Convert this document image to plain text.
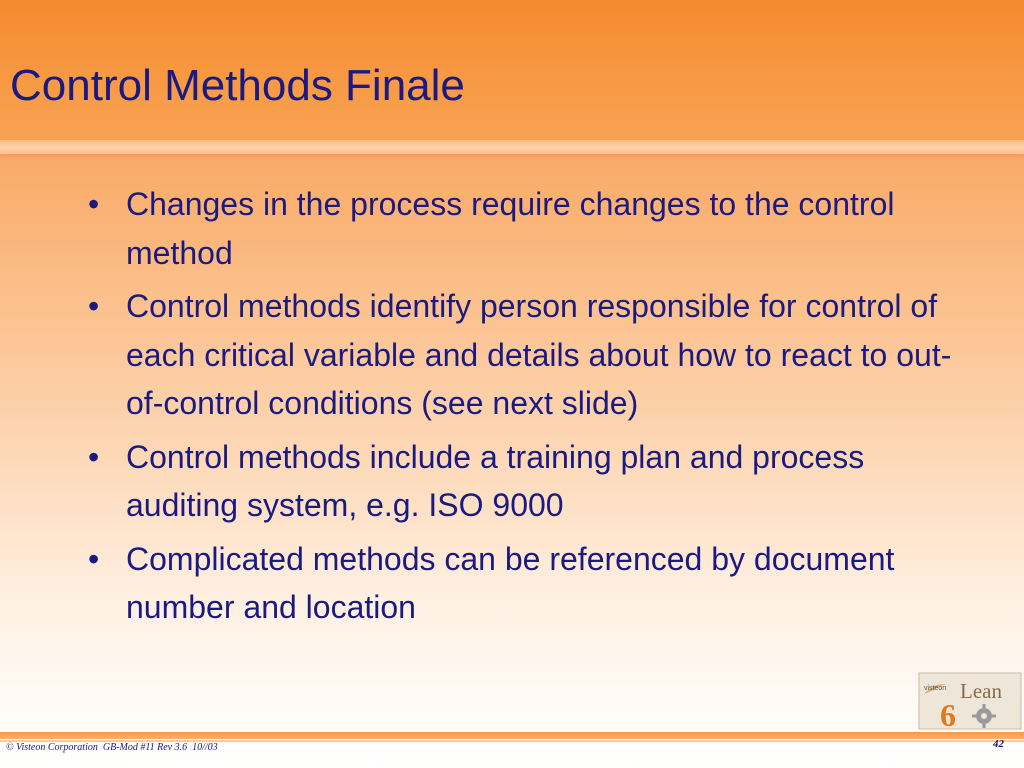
Control Methods Finale
• Changes in the process require changes to the control method
• Control methods identify person responsible for control of each critical variable and details about how to react to out-of-control conditions (see next slide)
• Control methods include a training plan and process auditing system, e.g. ISO 9000
• Complicated methods can be referenced by document number and location
visteon Lean
6
© Visteon Corporation  GB-Mod #11 Rev 3.6  10//03	42
